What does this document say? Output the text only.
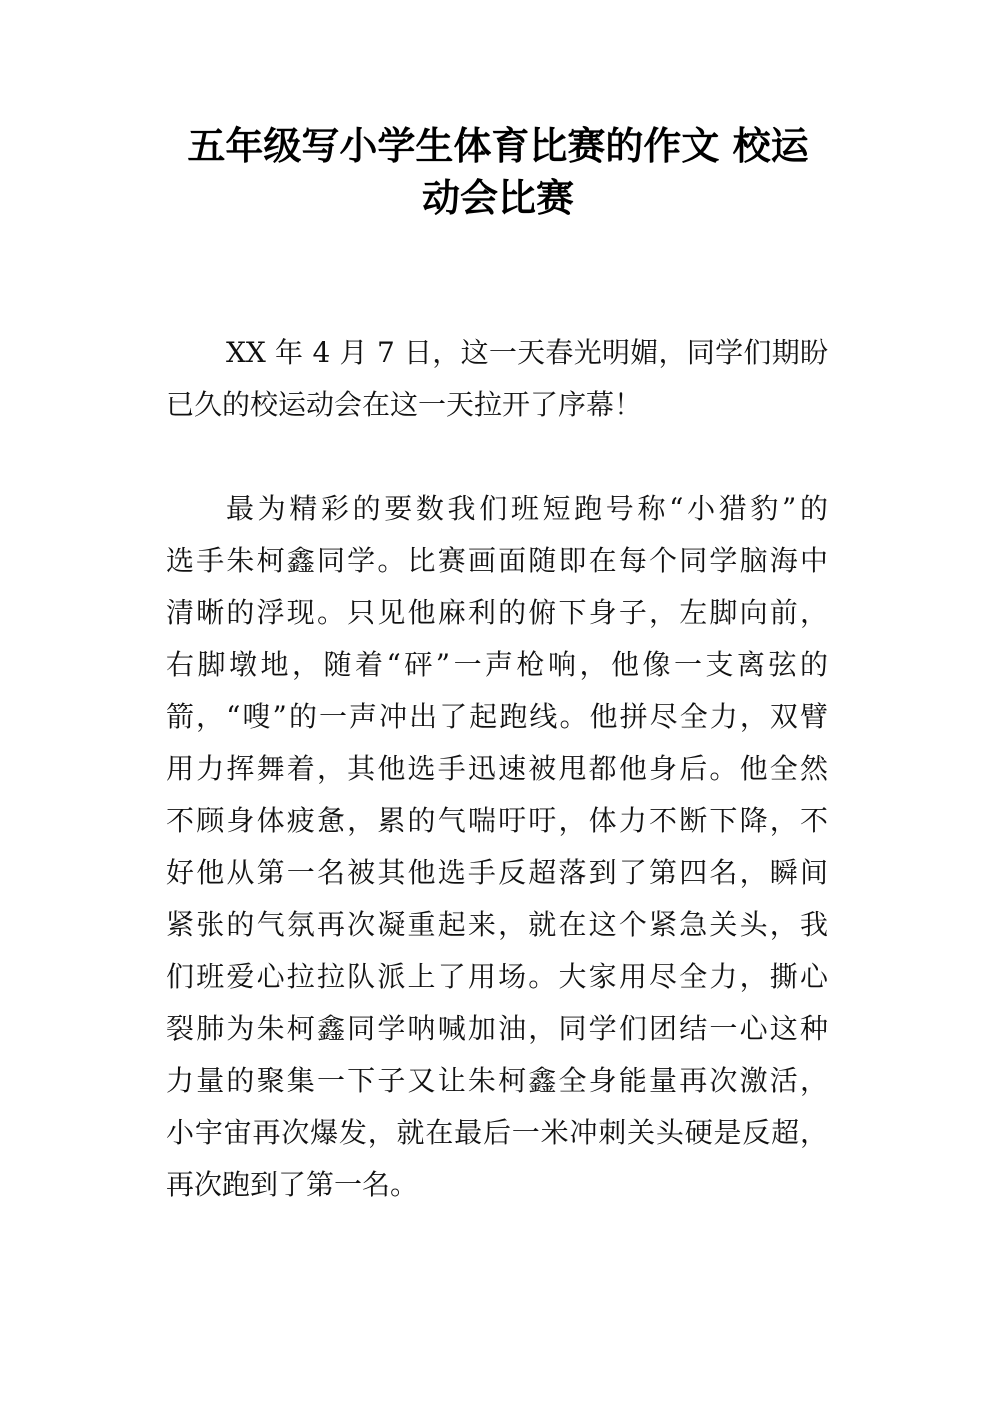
五年级写小学生体育比赛的作文 校运
动会比赛
XX 年 4 月 7 日，这一天春光明媚，同学们期盼
已久的校运动会在这一天拉开了序幕！
最为精彩的要数我们班短跑号称“小猎豹”的
选手朱柯鑫同学。比赛画面随即在每个同学脑海中
清晰的浮现。只见他麻利的俯下身子，左脚向前，
右脚墩地，随着“砰”一声枪响，他像一支离弦的
箭，“嗖”的一声冲出了起跑线。他拼尽全力，双臂
用力挥舞着，其他选手迅速被甩都他身后。他全然
不顾身体疲惫，累的气喘吁吁，体力不断下降，不
好他从第一名被其他选手反超落到了第四名，瞬间
紧张的气氛再次凝重起来，就在这个紧急关头，我
们班爱心拉拉队派上了用场。大家用尽全力，撕心
裂肺为朱柯鑫同学呐喊加油，同学们团结一心这种
力量的聚集一下子又让朱柯鑫全身能量再次激活，
小宇宙再次爆发，就在最后一米冲刺关头硬是反超，
再次跑到了第一名。
